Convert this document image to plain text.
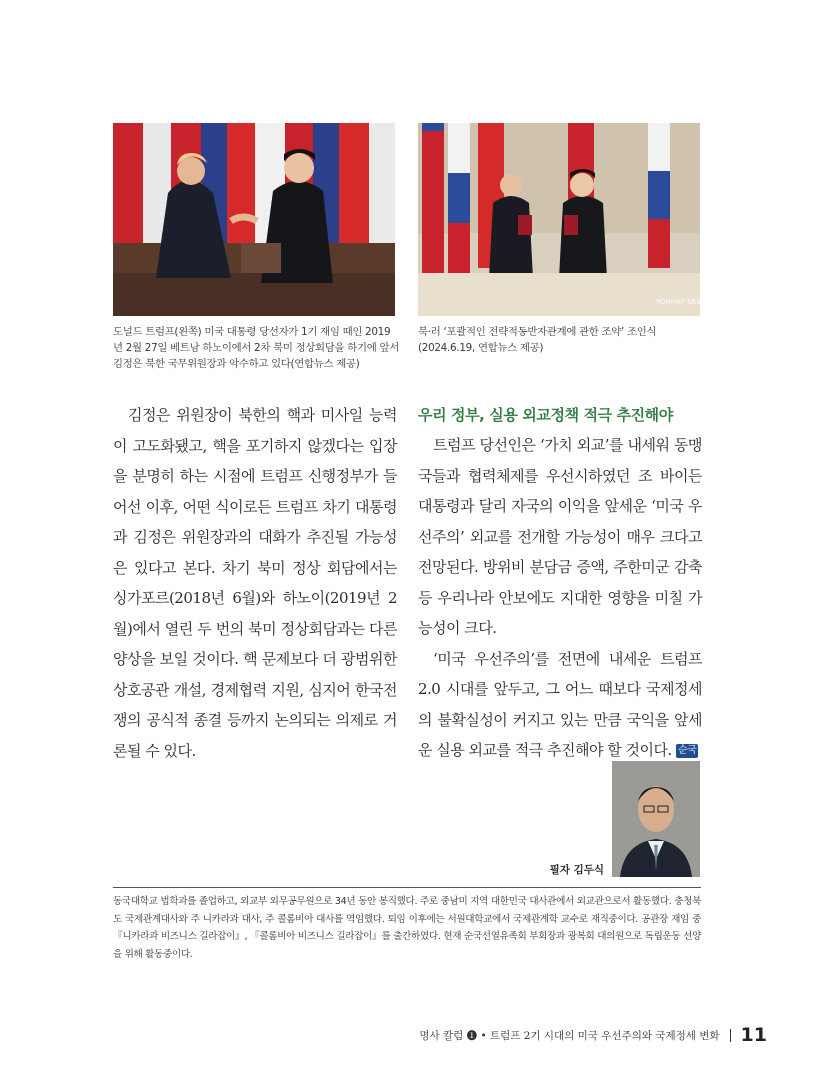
YONHAP NEWS
도널드 트럼프(왼쪽) 미국 대통령 당선자가 1기 재임 때인 2019년 2월 27일 베트남 하노이에서 2차 북미 정상회담을 하기에 앞서 김정은 북한 국무위원장과 악수하고 있다(연합뉴스 제공)
북·러 ‘포괄적인 전략적동반자관계에 관한 조약’ 조인식 (2024.6.19, 연합뉴스 제공)

김정은 위원장이 북한의 핵과 미사일 능력이 고도화됐고, 핵을 포기하지 않겠다는 입장을 분명히 하는 시점에 트럼프 신행정부가 들어선 이후, 어떤 식이로든 트럼프 차기 대통령과 김정은 위원장과의 대화가 추진될 가능성은 있다고 본다. 차기 북미 정상 회담에서는 싱가포르(2018년 6월)와 하노이(2019년 2월)에서 열린 두 번의 북미 정상회담과는 다른 양상을 보일 것이다. 핵 문제보다 더 광범위한 상호공관 개설, 경제협력 지원, 심지어 한국전쟁의 공식적 종결 등까지 논의되는 의제로 거론될 수 있다.

우리 정부, 실용 외교정책 적극 추진해야

트럼프 당선인은 ‘가치 외교’를 내세워 동맹국들과 협력체제를 우선시하였던 조 바이든 대통령과 달리 자국의 이익을 앞세운 ‘미국 우선주의’ 외교를 전개할 가능성이 매우 크다고 전망된다. 방위비 분담금 증액, 주한미군 감축 등 우리나라 안보에도 지대한 영향을 미칠 가능성이 크다.

‘미국 우선주의’를 전면에 내세운 트럼프 2.0 시대를 앞두고, 그 어느 때보다 국제정세의 불확실성이 커지고 있는 만큼 국익을 앞세운 실용 외교를 적극 추진해야 할 것이다. 순국

필자 김두식

동국대학교 법학과를 졸업하고, 외교부 외무공무원으로 34년 동안 봉직했다. 주로 중남미 지역 대한민국 대사관에서 외교관으로서 활동했다. 충청북도 국제관계대사와 주 니카라과 대사, 주 콜롬비아 대사를 역임했다. 퇴임 이후에는 서원대학교에서 국제관계학 교수로 재직중이다. 공관장 재임 중 『니카라과 비즈니스 길라잡이』, 『콜롬비아 비즈니스 길라잡이』를 출간하였다. 현재 순국선열유족회 부회장과 광복회 대의원으로 독립운동 선양을 위해 활동중이다.

명사 칼럼 ❶ • 트럼프 2기 시대의 미국 우선주의와 국제정세 변화 11
